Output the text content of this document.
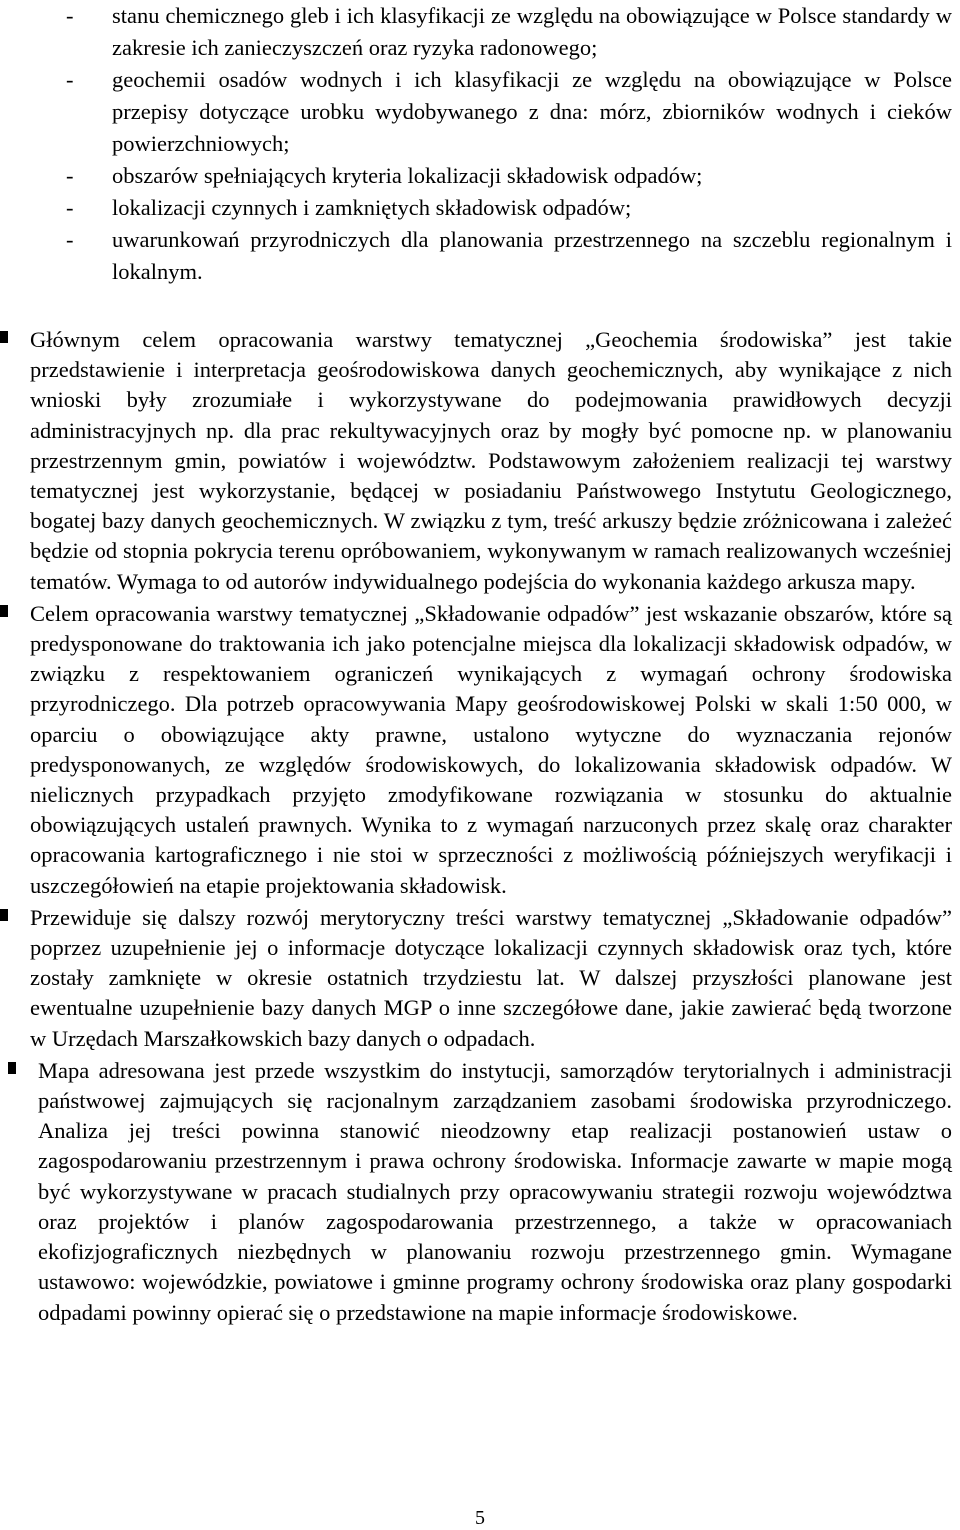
-	stanu chemicznego gleb i ich klasyfikacji ze względu na obowiązujące w Polsce standardy w zakresie ich zanieczyszczeń oraz ryzyka radonowego;
-	geochemii osadów wodnych i ich klasyfikacji ze względu na obowiązujące w Polsce przepisy dotyczące urobku wydobywanego z dna: mórz, zbiorników wodnych i cieków powierzchniowych;
-	obszarów spełniających kryteria lokalizacji składowisk odpadów;
-	lokalizacji czynnych i zamkniętych składowisk odpadów;
-	uwarunkowań przyrodniczych dla planowania przestrzennego na szczeblu regionalnym i lokalnym.
Głównym celem opracowania warstwy tematycznej „Geochemia środowiska” jest takie przedstawienie i interpretacja geośrodowiskowa danych geochemicznych, aby wynikające z nich wnioski były zrozumiałe i wykorzystywane do podejmowania prawidłowych decyzji administracyjnych np. dla prac rekultywacyjnych oraz by mogły być pomocne np. w planowaniu przestrzennym gmin, powiatów i województw. Podstawowym założeniem realizacji tej warstwy tematycznej jest wykorzystanie, będącej w posiadaniu Państwowego Instytutu Geologicznego, bogatej bazy danych geochemicznych. W związku z tym, treść arkuszy będzie zróżnicowana i zależeć będzie od stopnia pokrycia terenu opróbowaniem, wykonywanym w ramach realizowanych wcześniej tematów. Wymaga to od autorów indywidualnego podejścia do wykonania każdego arkusza mapy.
Celem opracowania warstwy tematycznej „Składowanie odpadów” jest wskazanie obszarów, które są predysponowane do traktowania ich jako potencjalne miejsca dla lokalizacji składowisk odpadów, w związku z respektowaniem ograniczeń wynikających z wymagań ochrony środowiska przyrodniczego. Dla potrzeb opracowywania Mapy geośrodowiskowej Polski w skali 1:50 000, w oparciu o obowiązujące akty prawne, ustalono wytyczne do wyznaczania rejonów predysponowanych, ze względów środowiskowych, do lokalizowania składowisk odpadów. W nielicznych przypadkach przyjęto zmodyfikowane rozwiązania w stosunku do aktualnie obowiązujących ustaleń prawnych. Wynika to z wymagań narzuconych przez skalę oraz charakter opracowania kartograficznego i nie stoi w sprzeczności z możliwością późniejszych weryfikacji i uszczegółowień na etapie projektowania składowisk.
Przewiduje się dalszy rozwój merytoryczny treści warstwy tematycznej „Składowanie odpadów” poprzez uzupełnienie jej o informacje dotyczące lokalizacji czynnych składowisk oraz tych, które zostały zamknięte w okresie ostatnich trzydziestu lat. W dalszej przyszłości planowane jest ewentualne uzupełnienie bazy danych MGP o inne szczegółowe dane, jakie zawierać będą tworzone w Urzędach Marszałkowskich bazy danych o odpadach.
Mapa adresowana jest przede wszystkim do instytucji, samorządów terytorialnych i administracji państwowej zajmujących się racjonalnym zarządzaniem zasobami środowiska przyrodniczego. Analiza jej treści powinna stanowić nieodzowny etap realizacji postanowień ustaw o zagospodarowaniu przestrzennym i prawa ochrony środowiska. Informacje zawarte w mapie mogą być wykorzystywane w pracach studialnych przy opracowywaniu strategii rozwoju województwa oraz projektów i planów zagospodarowania przestrzennego, a także w opracowaniach ekofizjograficznych niezbędnych w planowaniu rozwoju przestrzennego gmin. Wymagane ustawowo: wojewódzkie, powiatowe i gminne programy ochrony środowiska oraz plany gospodarki odpadami powinny opierać się o przedstawione na mapie informacje środowiskowe.
5
